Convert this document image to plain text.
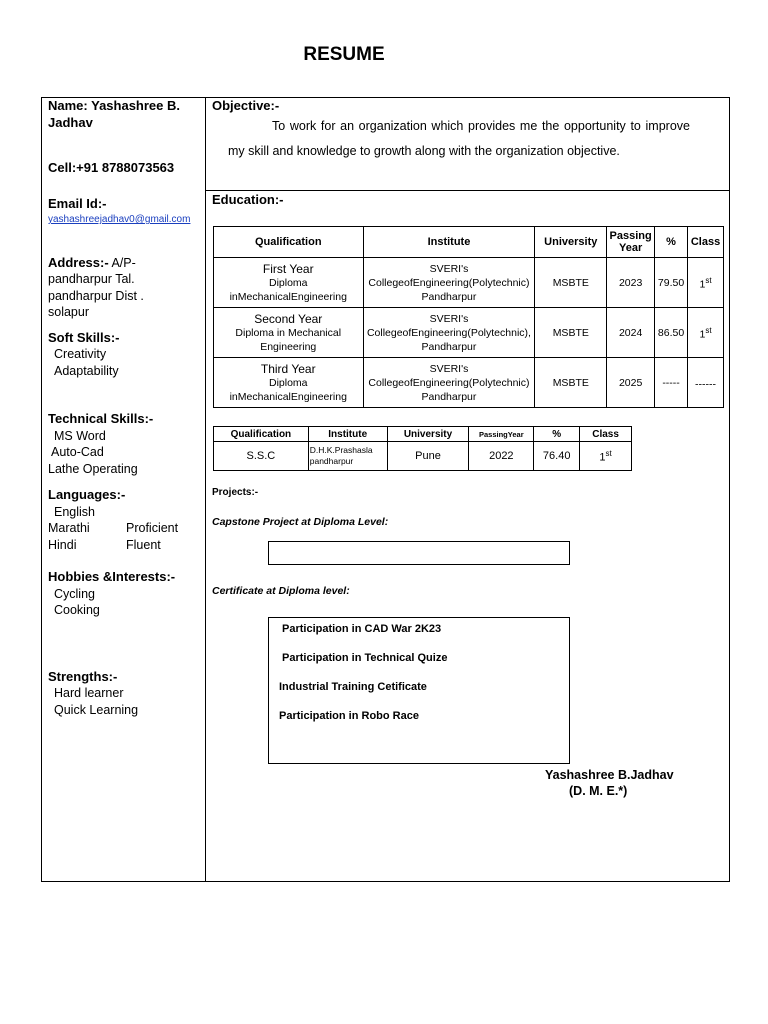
RESUME
Name: Yashashree B. Jadhav
Cell:+91 8788073563
Email Id:-
yashashreejadhav0@gmail.com
Address:- A/P-
pandharpur Tal.
pandharpur Dist .
solapur
Soft Skills:-
Creativity
Adaptability
Technical Skills:-
MS Word
Auto-Cad
Lathe Operating
Languages:-
English
Marathi	Proficient
Hindi	Fluent
Hobbies &Interests:-
Cycling
Cooking
Strengths:-
Hard learner
Quick Learning
Objective:-
To work for an organization which provides me the opportunity to improve my skill and knowledge to growth along with the organization objective.
Education:-
Qualification	Institute	University	Passing Year	%	Class

First Year
Diploma inMechanicalEngineering	SVERI's CollegeofEngineering(Polytechnic) Pandharpur	MSBTE	2023	79.50	1st

Second Year
Diploma in Mechanical Engineering	SVERI's CollegeofEngineering(Polytechnic), Pandharpur	MSBTE	2024	86.50	1st

Third Year
Diploma inMechanicalEngineering	SVERI's CollegeofEngineering(Polytechnic) Pandharpur	MSBTE	2025	-----	------
Qualification	Institute	University	PassingYear	%	Class
S.S.C	D.H.K.Prashasla pandharpur	Pune	2022	76.40	1st
Projects:-
Capstone Project at Diploma Level:
Certificate at Diploma level:
Participation in CAD War 2K23
Participation in Technical Quize
Industrial Training Cetificate
Participation in Robo Race
Yashashree B.Jadhav
(D. M. E.*)
